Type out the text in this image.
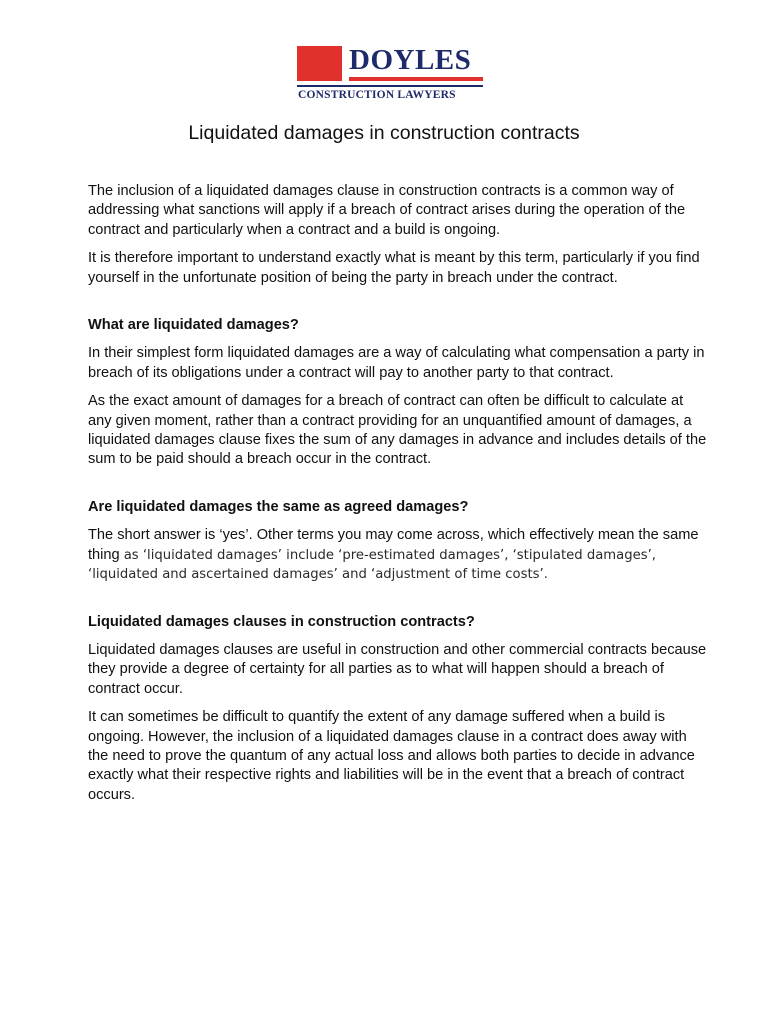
DOYLES
CONSTRUCTION LAWYERS
Liquidated damages in construction contracts

The inclusion of a liquidated damages clause in construction contracts is a common way of addressing what sanctions will apply if a breach of contract arises during the operation of the contract and particularly when a contract and a build is ongoing.

It is therefore important to understand exactly what is meant by this term, particularly if you find yourself in the unfortunate position of being the party in breach under the contract.

What are liquidated damages?

In their simplest form liquidated damages are a way of calculating what compensation a party in breach of its obligations under a contract will pay to another party to that contract.

As the exact amount of damages for a breach of contract can often be difficult to calculate at any given moment, rather than a contract providing for an unquantified amount of damages, a liquidated damages clause fixes the sum of any damages in advance and includes details of the sum to be paid should a breach occur in the contract.

Are liquidated damages the same as agreed damages?

The short answer is ‘yes’. Other terms you may come across, which effectively mean the same thing as ‘liquidated damages’ include ‘pre-estimated damages’, ‘stipulated damages’, ‘liquidated and ascertained damages’ and ‘adjustment of time costs’.

Liquidated damages clauses in construction contracts?

Liquidated damages clauses are useful in construction and other commercial contracts because they provide a degree of certainty for all parties as to what will happen should a breach of contract occur.

It can sometimes be difficult to quantify the extent of any damage suffered when a build is ongoing. However, the inclusion of a liquidated damages clause in a contract does away with the need to prove the quantum of any actual loss and allows both parties to decide in advance exactly what their respective rights and liabilities will be in the event that a breach of contract occurs.
